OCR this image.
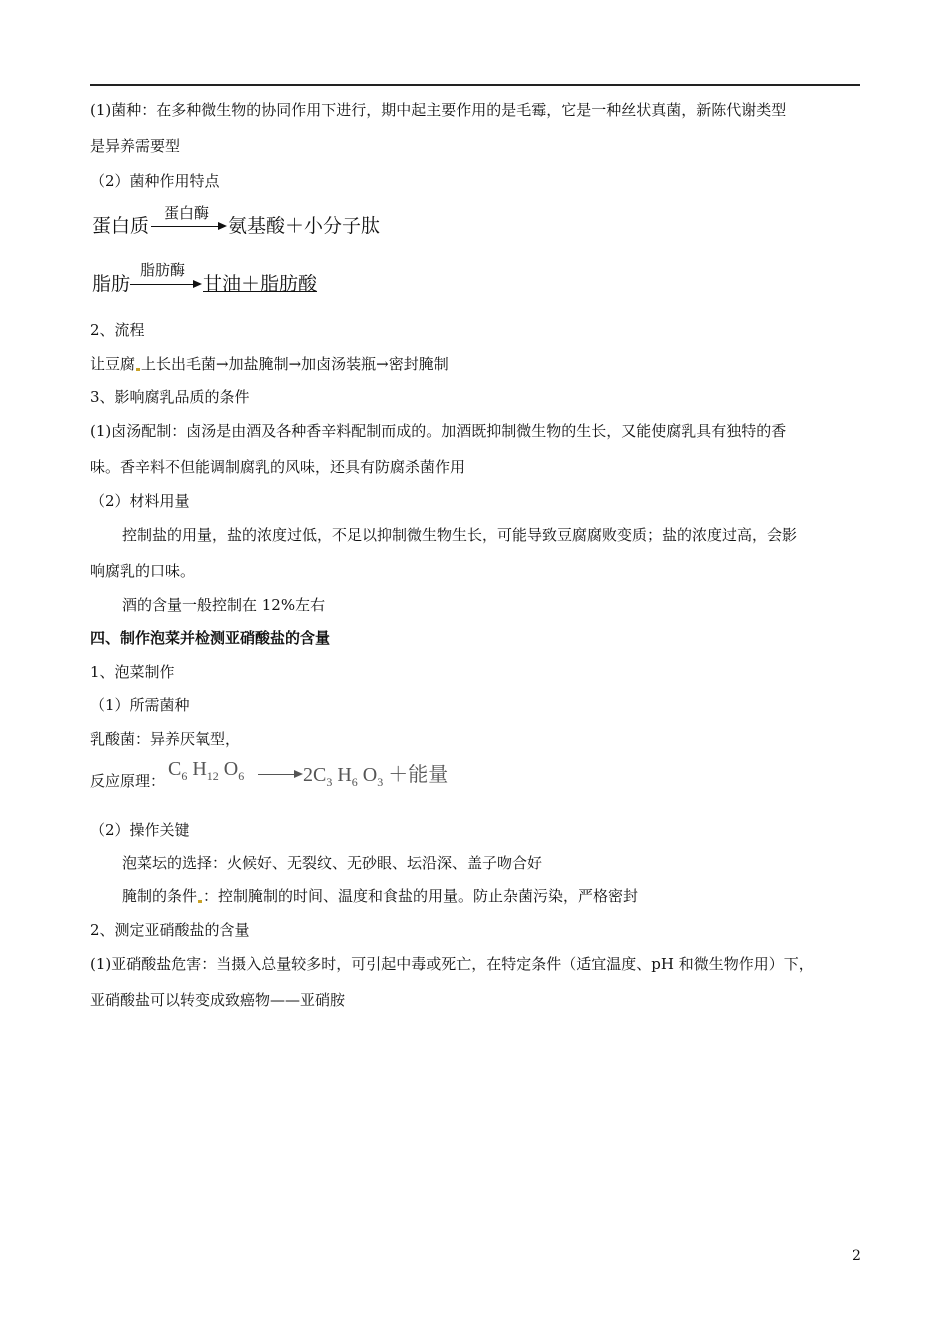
(1)菌种：在多种微生物的协同作用下进行，期中起主要作用的是毛霉，它是一种丝状真菌，新陈代谢类型
是异养需要型
（2）菌种作用特点
蛋白质
蛋白酶
氨基酸＋小分子肽
脂肪
脂肪酶
甘油＋脂肪酸
2、流程
让豆腐 上长出毛菌→加盐腌制→加卤汤装瓶→密封腌制
3、影响腐乳品质的条件
(1)卤汤配制：卤汤是由酒及各种香辛料配制而成的。加酒既抑制微生物的生长，又能使腐乳具有独特的香
味。香辛料不但能调制腐乳的风味，还具有防腐杀菌作用
（2）材料用量
控制盐的用量，盐的浓度过低，不足以抑制微生物生长，可能导致豆腐腐败变质；盐的浓度过高，会影
响腐乳的口味。
酒的含量一般控制在 12%左右
四、制作泡菜并检测亚硝酸盐的含量
1、泡菜制作
（1）所需菌种
乳酸菌：异养厌氧型，
反应原理：
$C_6$ $H_{12}$ $O_6$	$2C_3$ $H_6$ $O_3$ ＋能量
（2）操作关键
泡菜坛的选择：火候好、无裂纹、无砂眼、坛沿深、盖子吻合好
腌制的条件 ：控制腌制的时间、温度和食盐的用量。防止杂菌污染，严格密封
2、测定亚硝酸盐的含量
(1)亚硝酸盐危害：当摄入总量较多时，可引起中毒或死亡，在特定条件（适宜温度、pH 和微生物作用）下，
亚硝酸盐可以转变成致癌物——亚硝胺
2
